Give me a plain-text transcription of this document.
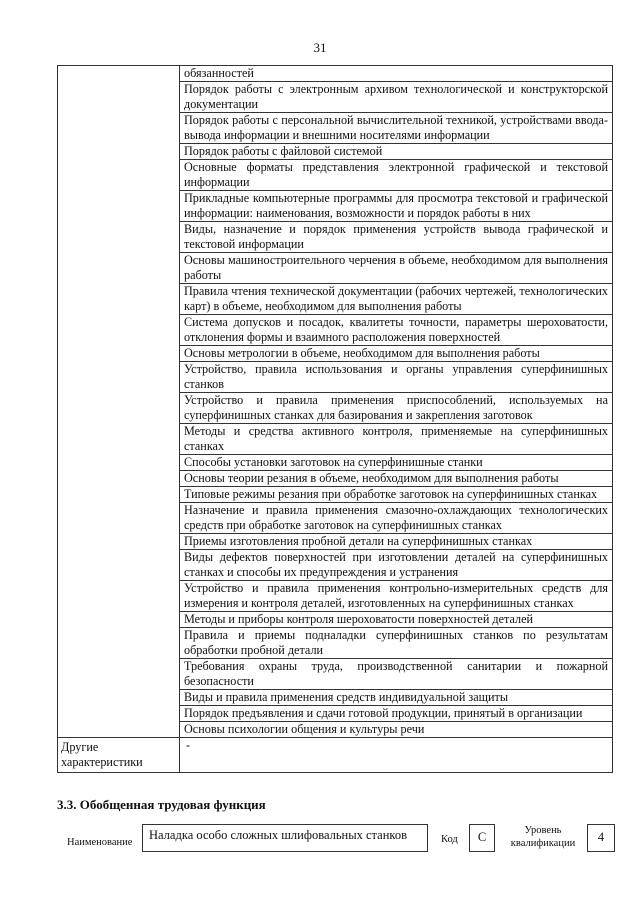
31
	обязанностей
	Порядок работы с электронным архивом технологической и конструкторской документации
	Порядок работы с персональной вычислительной техникой, устройствами ввода-вывода информации и внешними носителями информации
	Порядок работы с файловой системой
	Основные форматы представления электронной графической и текстовой информации
	Прикладные компьютерные программы для просмотра текстовой и графической информации: наименования, возможности и порядок работы в них
	Виды, назначение и порядок применения устройств вывода графической и текстовой информации
	Основы машиностроительного черчения в объеме, необходимом для выполнения работы
	Правила чтения технической документации (рабочих чертежей, технологических карт) в объеме, необходимом для выполнения работы
	Система допусков и посадок, квалитеты точности, параметры шероховатости, отклонения формы и взаимного расположения поверхностей
	Основы метрологии в объеме, необходимом для выполнения работы
	Устройство, правила использования и органы управления суперфинишных станков
	Устройство и правила применения приспособлений, используемых на суперфинишных станках для базирования и закрепления заготовок
	Методы и средства активного контроля, применяемые на суперфинишных станках
	Способы установки заготовок на суперфинишные станки
	Основы теории резания в объеме, необходимом для выполнения работы
	Типовые режимы резания при обработке заготовок на суперфинишных станках
	Назначение и правила применения смазочно-охлаждающих технологических средств при обработке заготовок на суперфинишных станках
	Приемы изготовления пробной детали на суперфинишных станках
	Виды дефектов поверхностей при изготовлении деталей на суперфинишных станках и способы их предупреждения и устранения
	Устройство и правила применения контрольно-измерительных средств для измерения и контроля деталей, изготовленных на суперфинишных станках
	Методы и приборы контроля шероховатости поверхностей деталей
	Правила и приемы подналадки суперфинишных станков по результатам обработки пробной детали
	Требования охраны труда, производственной санитарии и пожарной безопасности
	Виды и правила применения средств индивидуальной защиты
	Порядок предъявления и сдачи готовой продукции, принятый в организации
	Основы психологии общения и культуры речи
Другие характеристики	-
3.3. Обобщенная трудовая функция
Наименование
Наладка особо сложных шлифовальных станков	Код	C	Уровень квалификации	4
